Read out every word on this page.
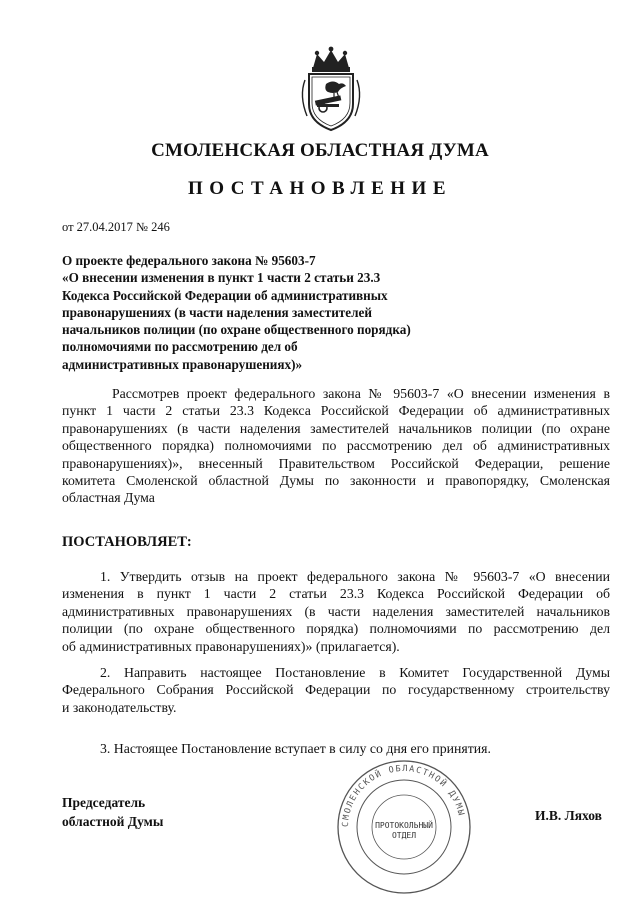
СМОЛЕНСКАЯ ОБЛАСТНАЯ ДУМА
ПОСТАНОВЛЕНИЕ
от 27.04.2017 № 246
О проекте федерального закона № 95603-7
«О внесении изменения в пункт 1 части 2 статьи 23.3
Кодекса Российской Федерации об административных
правонарушениях (в части наделения заместителей
начальников полиции (по охране общественного порядка)
полномочиями по рассмотрению дел об
административных правонарушениях)»
Рассмотрев проект федерального закона № 95603-7 «О внесении изменения в
пункт 1 части 2 статьи 23.3 Кодекса Российской Федерации об административных
правонарушениях (в части наделения заместителей начальников полиции (по охране
общественного порядка) полномочиями по рассмотрению дел об административных
правонарушениях)», внесенный Правительством Российской Федерации, решение
комитета Смоленской областной Думы по законности и правопорядку, Смоленская
областная Дума
ПОСТАНОВЛЯЕТ:
1. Утвердить отзыв на проект федерального закона № 95603-7 «О внесении
изменения в пункт 1 части 2 статьи 23.3 Кодекса Российской Федерации об
административных правонарушениях (в части наделения заместителей начальников
полиции (по охране общественного порядка) полномочиями по рассмотрению дел
об административных правонарушениях)» (прилагается).
2. Направить настоящее Постановление в Комитет Государственной Думы
Федерального Собрания Российской Федерации по государственному строительству
и законодательству.
3. Настоящее Постановление вступает в силу со дня его принятия.
Председатель
областной Думы	И.В. Ляхов
СМОЛЕНСКОЙ ОБЛАСТНОЙ ДУМЫ
ПРОТОКОЛЬНЫЙ
ОТДЕЛ
